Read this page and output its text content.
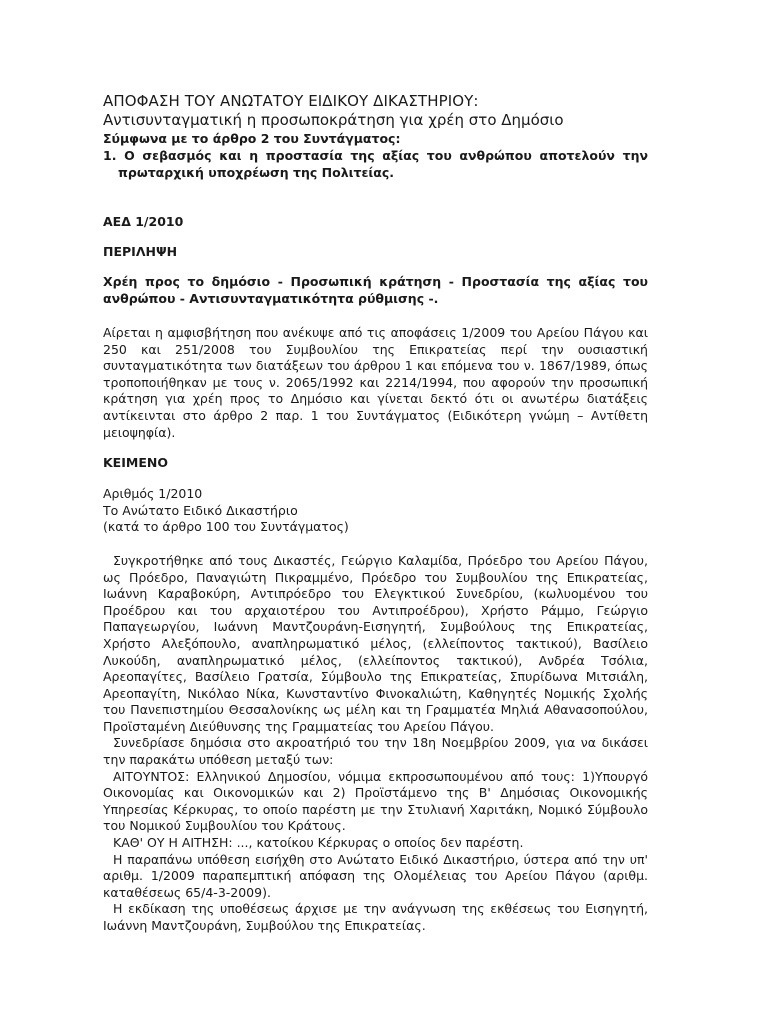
ΑΠΟΦΑΣΗ ΤΟΥ ΑΝΩΤΑΤΟΥ ΕΙΔΙΚΟΥ ΔΙΚΑΣΤΗΡΙΟΥ:

Αντισυνταγματική η προσωποκράτηση για χρέη στο Δημόσιο

Σύμφωνα με το άρθρο 2 του Συντάγματος:

1. Ο σεβασμός και η προστασία της αξίας του ανθρώπου αποτελούν την πρωταρχική υποχρέωση της Πολιτείας.

ΑΕΔ 1/2010

ΠΕΡΙΛΗΨΗ

Χρέη προς το δημόσιο - Προσωπική κράτηση - Προστασία της αξίας του ανθρώπου - Αντισυνταγματικότητα ρύθμισης -.

Αίρεται η αμφισβήτηση που ανέκυψε από τις αποφάσεις 1/2009 του Αρείου Πάγου και 250 και 251/2008 του Συμβουλίου της Επικρατείας περί την ουσιαστική συνταγματικότητα των διατάξεων του άρθρου 1 και επόμενα του ν. 1867/1989, όπως τροποποιήθηκαν με τους ν. 2065/1992 και 2214/1994, που αφορούν την προσωπική κράτηση για χρέη προς το Δημόσιο και γίνεται δεκτό ότι οι ανωτέρω διατάξεις αντίκεινται στο άρθρο 2 παρ. 1 του Συντάγματος (Ειδικότερη γνώμη – Αντίθετη μειοψηφία).

ΚΕΙΜΕΝΟ

Αριθμός 1/2010

Το Ανώτατο Ειδικό Δικαστήριο

(κατά το άρθρο 100 του Συντάγματος)

Συγκροτήθηκε από τους Δικαστές, Γεώργιο Καλαμίδα, Πρόεδρο του Αρείου Πάγου, ως Πρόεδρο, Παναγιώτη Πικραμμένο, Πρόεδρο του Συμβουλίου της Επικρατείας, Ιωάννη Καραβοκύρη, Αντιπρόεδρο του Ελεγκτικού Συνεδρίου, (κωλυομένου του Προέδρου και του αρχαιοτέρου του Αντιπροέδρου), Χρήστο Ράμμο, Γεώργιο Παπαγεωργίου, Ιωάννη Μαντζουράνη-Εισηγητή, Συμβούλους της Επικρατείας, Χρήστο Αλεξόπουλο, αναπληρωματικό μέλος, (ελλείποντος τακτικού), Βασίλειο Λυκούδη, αναπληρωματικό μέλος, (ελλείποντος τακτικού), Ανδρέα Τσόλια, Αρεοπαγίτες, Βασίλειο Γρατσία, Σύμβουλο της Επικρατείας, Σπυρίδωνα Μιτσιάλη, Αρεοπαγίτη, Νικόλαο Νίκα, Κωνσταντίνο Φινοκαλιώτη, Καθηγητές Νομικής Σχολής του Πανεπιστημίου Θεσσαλονίκης ως μέλη και τη Γραμματέα Μηλιά Αθανασοπούλου, Προϊσταμένη Διεύθυνσης της Γραμματείας του Αρείου Πάγου.

Συνεδρίασε δημόσια στο ακροατήριό του την 18η Νοεμβρίου 2009, για να δικάσει την παρακάτω υπόθεση μεταξύ των:

ΑΙΤΟΥΝΤΟΣ: Ελληνικού Δημοσίου, νόμιμα εκπροσωπουμένου από τους: 1)Υπουργό Οικονομίας και Οικονομικών και 2) Προϊστάμενο της Β' Δημόσιας Οικονομικής Υπηρεσίας Κέρκυρας, το οποίο παρέστη με την Στυλιανή Χαριτάκη, Νομικό Σύμβουλο του Νομικού Συμβουλίου του Κράτους.

ΚΑΘ' ΟΥ Η ΑΙΤΗΣΗ: ..., κατοίκου Κέρκυρας ο οποίος δεν παρέστη.

Η παραπάνω υπόθεση εισήχθη στο Ανώτατο Ειδικό Δικαστήριο, ύστερα από την υπ' αριθμ. 1/2009 παραπεμπτική απόφαση της Ολομέλειας του Αρείου Πάγου (αριθμ. καταθέσεως 65/4-3-2009).

Η εκδίκαση της υποθέσεως άρχισε με την ανάγνωση της εκθέσεως του Εισηγητή, Ιωάννη Μαντζουράνη, Συμβούλου της Επικρατείας.
